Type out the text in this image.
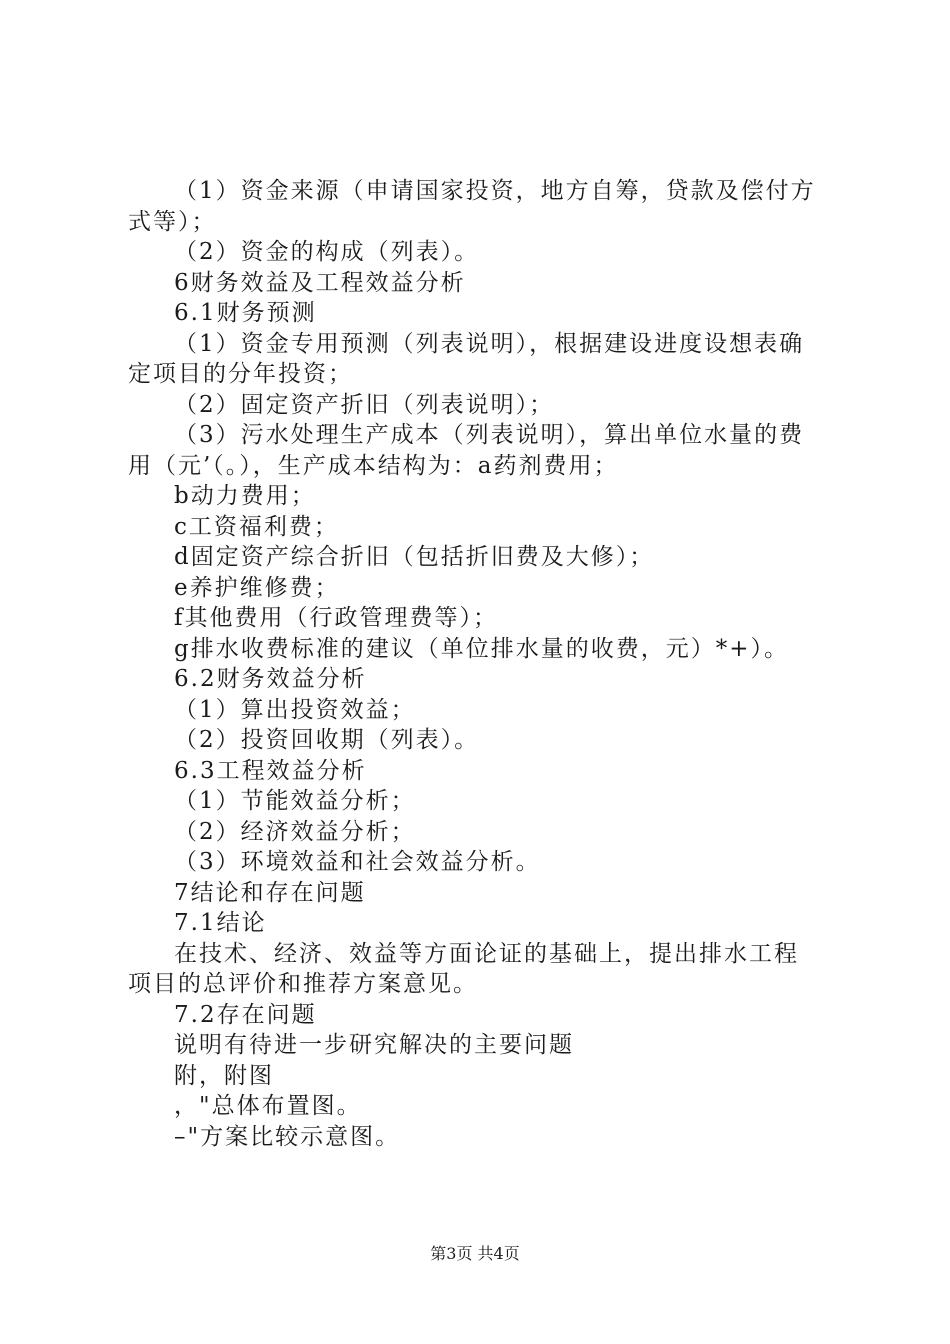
（1）资金来源（申请国家投资，地方自筹，贷款及偿付方
式等）；
（2）资金的构成（列表）。
6财务效益及工程效益分析
6.1财务预测
（1）资金专用预测（列表说明），根据建设进度设想表确
定项目的分年投资；
（2）固定资产折旧（列表说明）；
（3）污水处理生产成本（列表说明），算出单位水量的费
用（元’（。），生产成本结构为：a药剂费用；
b动力费用；
c工资福利费；
d固定资产综合折旧（包括折旧费及大修）；
e养护维修费；
f其他费用（行政管理费等）；
g排水收费标准的建议（单位排水量的收费，元）*+）。
6.2财务效益分析
（1）算出投资效益；
（2）投资回收期（列表）。
6.3工程效益分析
（1）节能效益分析；
（2）经济效益分析；
（3）环境效益和社会效益分析。
7结论和存在问题
7.1结论
在技术、经济、效益等方面论证的基础上，提出排水工程
项目的总评价和推荐方案意见。
7.2存在问题
说明有待进一步研究解决的主要问题
附，附图
，"总体布置图。
–"方案比较示意图。
第3页 共4页
